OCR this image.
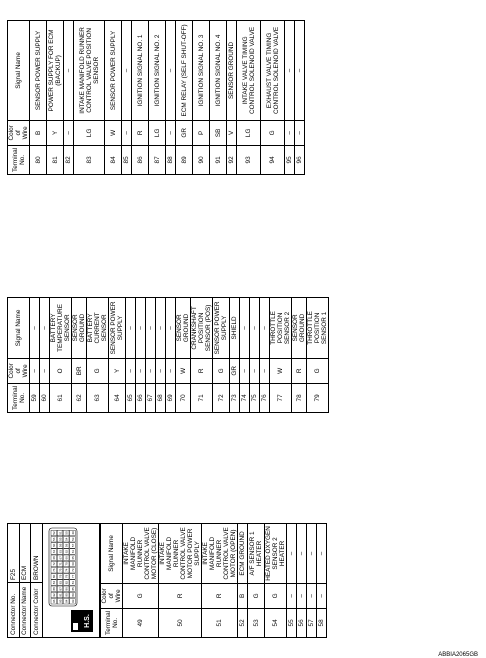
Connector No.	F25
Connector Name	ECM
Connector Color	BROWN
H.S.
96
92
88
84
80
76
72
68
64
60
56
52
95
91
87
83
79
75
71
67
63
59
55
51
94
90
86
82
78
74
70
66
62
58
54
50
93
89
85
81
77
73
69
65
61
57
53
49
Terminal No.	Color of Wire	Signal Name
49	G	INTAKE MANIFOLD RUNNER CONTROL VALVE MOTOR (CLOSE)
50	R	INTAKE MANIFOLD RUNNER CONTROL VALVE MOTOR POWER SUPPLY
51	R	INTAKE MANIFOLD RUNNER CONTROL VALVE MOTOR (OPEN)
52	B	ECM GROUND
53	G	A/F SENSOR 1 HEATER
54	G	HEATED OXYGEN SENSOR 2 HEATER
55	–	–
56	–	–
57	–	–
58	–	–
Terminal No.	Color of Wire	Signal Name
59	–	–
60	–	–
61	O	BATTERY TEMPERATURE SENSOR
62	BR	SENSOR GROUND
63	G	BATTERY CURRENT SENSOR
64	Y	SENSOR POWER SUPPLY
65	–	–
66	–	–
67	–	–
68	–	–
69	–	–
70	W	SENSOR GROUND
71	R	CRANKSHAFT POSITION SENSOR (POS)
72	G	SENSOR POWER SUPPLY
73	GR	SHIELD
74	–	–
75	–	–
76	–	–
77	W	THROTTLE POSITION SENSOR 2
78	R	SENSOR GROUND
79	G	THROTTLE POSITION SENSOR 1
Terminal No.	Color of Wire	Signal Name
80	B	SENSOR POWER SUPPLY
81	Y	POWER SUPPLY FOR ECM (BACKUP)
82	–	–
83	LG	INTAKE MANIFOLD RUNNER CONTROL VALVE POSITION SENSOR
84	W	SENSOR POWER SUPPLY
85	–	–
86	R	IGNITION SIGNAL NO. 1
87	LG	IGNITION SIGNAL NO. 2
88	–	–
89	GR	ECM RELAY (SELF SHUT-OFF)
90	P	IGNITION SIGNAL NO. 3
91	SB	IGNITION SIGNAL NO. 4
92	V	SENSOR GROUND
93	LG	INTAKE VALVE TIMING CONTROL SOLENOID VALVE
94	G	EXHAUST VALVE TIMING CONTROL SOLENOID VALVE
95	–	–
96	–	–
ABBIA2065GB
